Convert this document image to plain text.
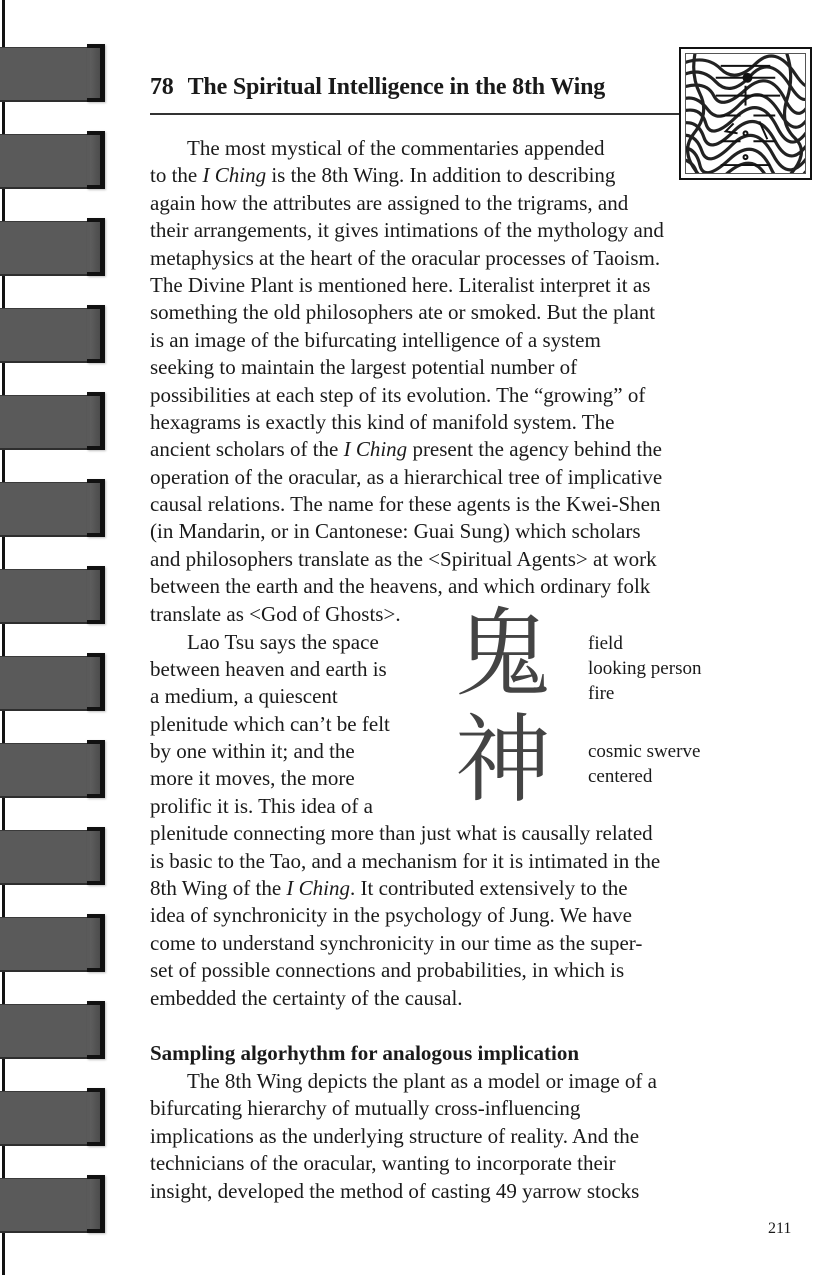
78 The Spiritual Intelligence in the 8th Wing
The most mystical of the commentaries appended
to the I Ching is the 8th Wing. In addition to describing
again how the attributes are assigned to the trigrams, and
their arrangements, it gives intimations of the mythology and
metaphysics at the heart of the oracular processes of Taoism.
The Divine Plant is mentioned here. Literalist interpret it as
something the old philosophers ate or smoked. But the plant
is an image of the bifurcating intelligence of a system
seeking to maintain the largest potential number of
possibilities at each step of its evolution. The “growing” of
hexagrams is exactly this kind of manifold system. The
ancient scholars of the I Ching present the agency behind the
operation of the oracular, as a hierarchical tree of implicative
causal relations. The name for these agents is the Kwei-Shen
(in Mandarin, or in Cantonese: Guai Sung) which scholars
and philosophers translate as the <Spiritual Agents> at work
between the earth and the heavens, and which ordinary folk
translate as <God of Ghosts>.
Lao Tsu says the space
between heaven and earth is
a medium, a quiescent
plenitude which can’t be felt
by one within it; and the
more it moves, the more
prolific it is. This idea of a
鬼
神
field
looking person
fire
cosmic swerve
centered
plenitude connecting more than just what is causally related
is basic to the Tao, and a mechanism for it is intimated in the
8th Wing of the I Ching. It contributed extensively to the
idea of synchronicity in the psychology of Jung. We have
come to understand synchronicity in our time as the super-
set of possible connections and probabilities, in which is
embedded the certainty of the causal.
Sampling algorhythm for analogous implication
The 8th Wing depicts the plant as a model or image of a
bifurcating hierarchy of mutually cross-influencing
implications as the underlying structure of reality. And the
technicians of the oracular, wanting to incorporate their
insight, developed the method of casting 49 yarrow stocks
211
